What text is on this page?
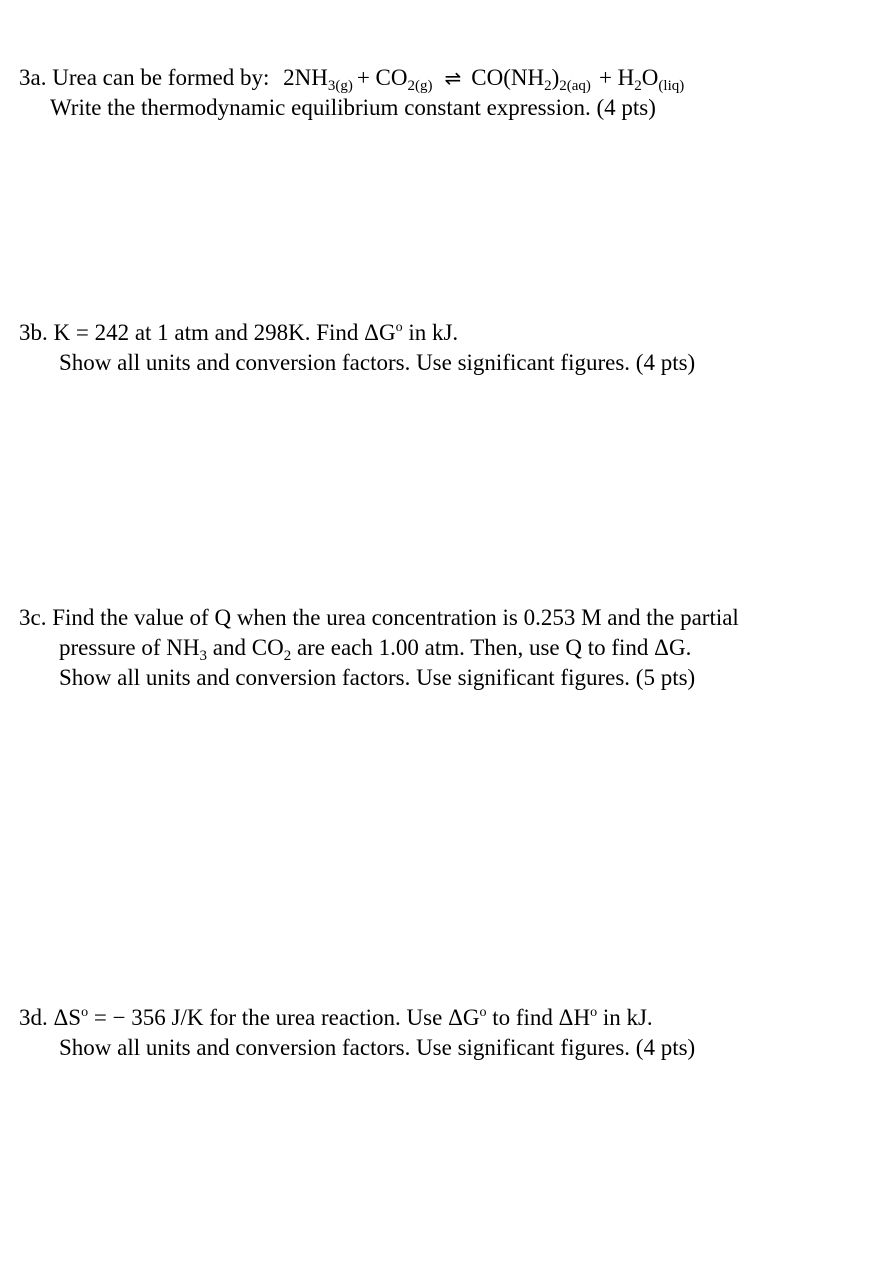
3a. Urea can be formed by: $2NH_{3(g)} + CO_{2(g)}$ ⇌ $CO(NH_2)_{2(aq)} + H_2O_{(liq)}$
Write the thermodynamic equilibrium constant expression. (4 pts)
3b. K = 242 at 1 atm and 298K. Find $\Delta G^o$ in kJ.
Show all units and conversion factors. Use significant figures. (4 pts)
3c. Find the value of Q when the urea concentration is 0.253 M and the partial
pressure of $NH_3$ and $CO_2$ are each 1.00 atm. Then, use Q to find ΔG.
Show all units and conversion factors. Use significant figures. (5 pts)
3d. $\Delta S^o$ = − 356 J/K for the urea reaction. Use $\Delta G^o$ to find $\Delta H^o$ in kJ.
Show all units and conversion factors. Use significant figures. (4 pts)
